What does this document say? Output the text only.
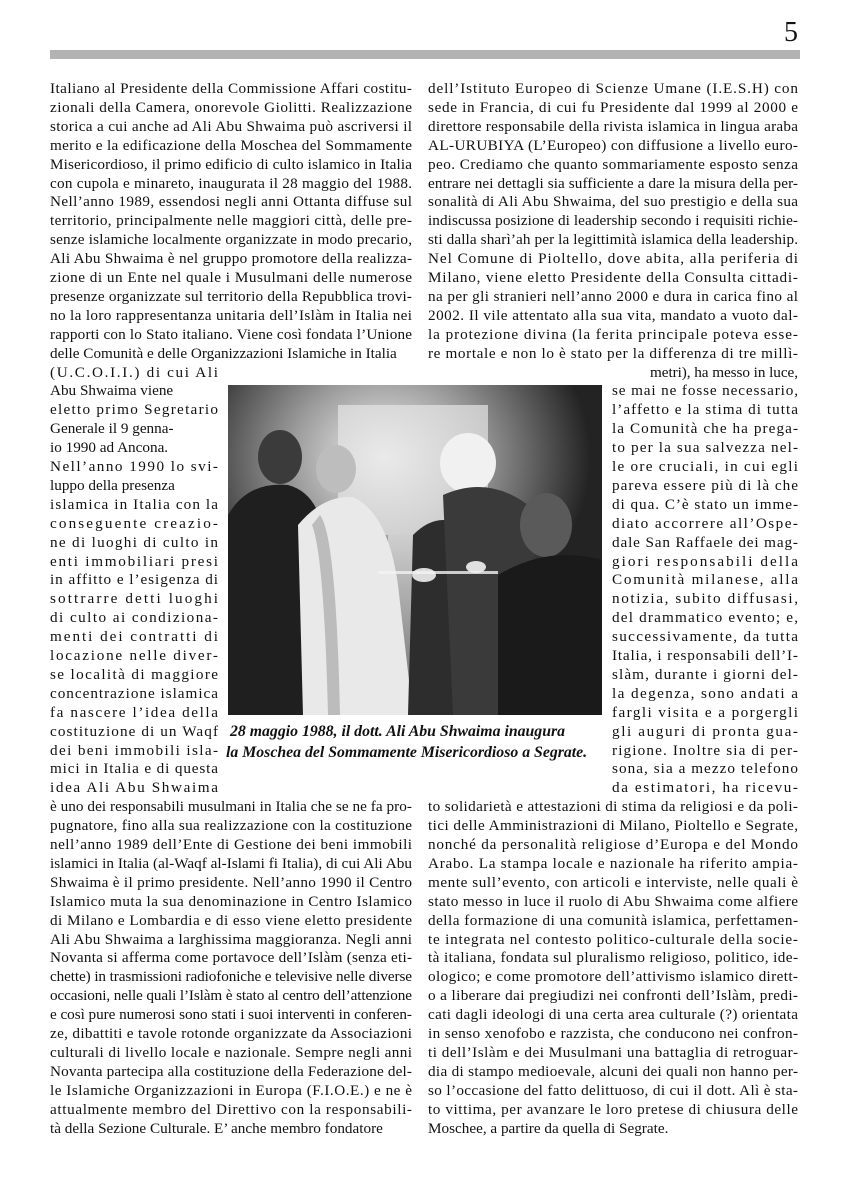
5
Italiano al Presidente della Commissione Affari costitu-
zionali della Camera, onorevole Giolitti. Realizzazione
storica a cui anche ad Ali Abu Shwaima può ascriversi il
merito e la edificazione della Moschea del Sommamente
Misericordioso, il primo edificio di culto islamico in Italia
con cupola e minareto, inaugurata il 28 maggio del 1988.
Nell’anno 1989, essendosi negli anni Ottanta diffuse sul
territorio, principalmente nelle maggiori città, delle pre-
senze islamiche localmente organizzate in modo precario,
Ali Abu Shwaima è nel gruppo promotore della realizza-
zione di un Ente nel quale i Musulmani delle numerose
presenze organizzate sul territorio della Repubblica trovi-
no la loro rappresentanza unitaria dell’Islàm in Italia nei
rapporti con lo Stato italiano. Viene così fondata l’Unione
delle Comunità e delle Organizzazioni Islamiche in Italia
(U.C.O.I.I.) di cui Ali
Abu Shwaima viene
eletto primo Segretario
Generale il 9 genna-
io 1990 ad Ancona.
Nell’anno 1990 lo svi-
luppo della presenza
islamica in Italia con la
conseguente creazio-
ne di luoghi di culto in
enti immobiliari presi
in affitto e l’esigenza di
sottrarre detti luoghi
di culto ai condiziona-
menti dei contratti di
locazione nelle diver-
se località di maggiore
concentrazione islamica
fa nascere l’idea della
costituzione di un Waqf
dei beni immobili isla-
mici in Italia e di questa
idea Ali Abu Shwaima
è uno dei responsabili musulmani in Italia che se ne fa pro-
pugnatore, fino alla sua realizzazione con la costituzione
nell’anno 1989 dell’Ente di Gestione dei beni immobili
islamici in Italia (al-Waqf al-Islami fi Italia), di cui Ali Abu
Shwaima è il primo presidente. Nell’anno 1990 il Centro
Islamico muta la sua denominazione in Centro Islamico
di Milano e Lombardia e di esso viene eletto presidente
Ali Abu Shwaima a larghissima maggioranza. Negli anni
Novanta si afferma come portavoce dell’Islàm (senza eti-
chette) in trasmissioni radiofoniche e televisive nelle diverse
occasioni, nelle quali l’Islàm è stato al centro dell’attenzione
e così pure numerosi sono stati i suoi interventi in conferen-
ze, dibattiti e tavole rotonde organizzate da Associazioni
culturali di livello locale e nazionale. Sempre negli anni
Novanta partecipa alla costituzione della Federazione del-
le Islamiche Organizzazioni in Europa (F.I.O.E.) e ne è
attualmente membro del Direttivo con la responsabili-
tà della Sezione Culturale. E’ anche membro fondatore
dell’Istituto Europeo di Scienze Umane (I.E.S.H) con
sede in Francia, di cui fu Presidente dal 1999 al 2000 e
direttore responsabile della rivista islamica in lingua araba
AL-URUBIYA (L’Europeo) con diffusione a livello euro-
peo. Crediamo che quanto sommariamente esposto senza
entrare nei dettagli sia sufficiente a dare la misura della per-
sonalità di Ali Abu Shwaima, del suo prestigio e della sua
indiscussa posizione di leadership secondo i requisiti richie-
sti dalla sharì’ah per la legittimità islamica della leadership.
Nel Comune di Pioltello, dove abita, alla periferia di
Milano, viene eletto Presidente della Consulta cittadi-
na per gli stranieri nell’anno 2000 e dura in carica fino al
2002. Il vile attentato alla sua vita, mandato a vuoto dal-
la protezione divina (la ferita principale poteva esse-
re mortale e non lo è stato per la differenza di tre millì-
metri), ha messo in luce,
se mai ne fosse necessario,
l’affetto e la stima di tutta
la Comunità che ha prega-
to per la sua salvezza nel-
le ore cruciali, in cui egli
pareva essere più di là che
di qua. C’è stato un imme-
diato accorrere all’Ospe-
dale San Raffaele dei mag-
giori responsabili della
Comunità milanese, alla
notizia, subito diffusasi,
del drammatico evento; e,
successivamente, da tutta
Italia, i responsabili dell’I-
slàm, durante i giorni del-
la degenza, sono andati a
fargli visita e a porgergli
gli auguri di pronta gua-
rigione. Inoltre sia di per-
sona, sia a mezzo telefono
da estimatori, ha ricevu-
to solidarietà e attestazioni di stima da religiosi e da poli-
tici delle Amministrazioni di Milano, Pioltello e Segrate,
nonché da personalità religiose d’Europa e del Mondo
Arabo. La stampa locale e nazionale ha riferito ampia-
mente sull’evento, con articoli e interviste, nelle quali è
stato messo in luce il ruolo di Abu Shwaima come alfiere
della formazione di una comunità islamica, perfettamen-
te integrata nel contesto politico-culturale della socie-
tà italiana, fondata sul pluralismo religioso, politico, ide-
ologico; e come promotore dell’attivismo islamico dirett-
o a liberare dai pregiudizi nei confronti dell’Islàm, predi-
cati dagli ideologi di una certa area culturale (?) orientata
in senso xenofobo e razzista, che conducono nei confron-
ti dell’Islàm e dei Musulmani una battaglia di retroguar-
dia di stampo medioevale, alcuni dei quali non hanno per-
so l’occasione del fatto delittuoso, di cui il dott. Alì è sta-
to vittima, per avanzare le loro pretese di chiusura delle
Moschee, a partire da quella di Segrate.
28 maggio 1988, il dott. Ali Abu Shwaima inaugura
la Moschea del Sommamente Misericordioso a Segrate.
